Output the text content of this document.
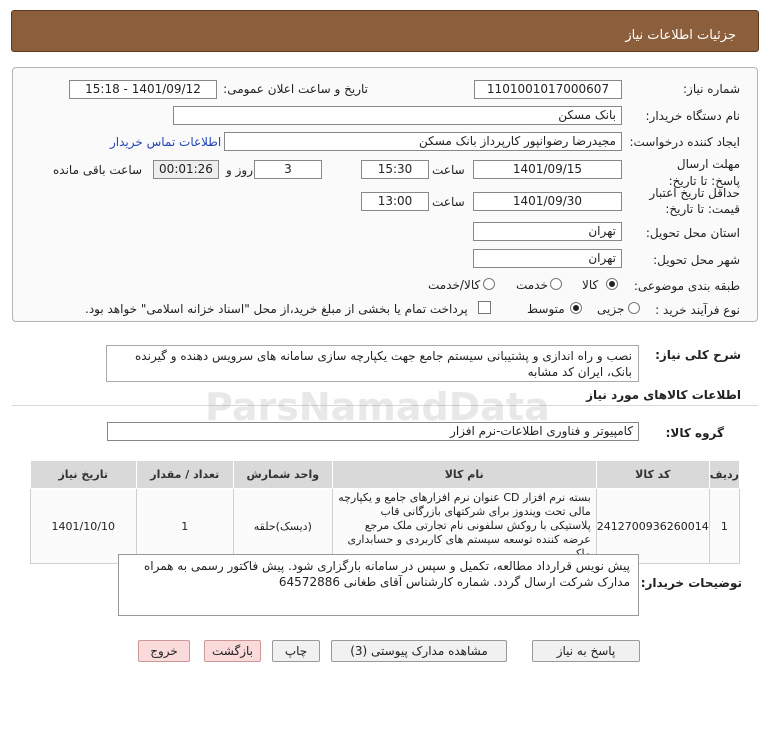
جزئیات اطلاعات نیاز
شماره نیاز:
1101001017000607
تاریخ و ساعت اعلان عمومی:
1401/09/12 - 15:18
نام دستگاه خریدار:
بانک مسکن
ایجاد کننده درخواست:
مجیدرضا رضوانپور کارپرداز بانک مسکن
اطلاعات تماس خریدار
مهلت ارسال پاسخ: تا تاریخ:
1401/09/15
ساعت
15:30
3
روز و
00:01:26
ساعت باقی مانده
حداقل تاریخ اعتبار قیمت: تا تاریخ:
1401/09/30
ساعت
13:00
استان محل تحویل:
تهران
شهر محل تحویل:
تهران
طبقه بندی موضوعی:
کالا
خدمت
کالا/خدمت
نوع فرآیند خرید :
جزیی
متوسط
پرداخت تمام یا بخشی از مبلغ خرید،از محل "اسناد خزانه اسلامی" خواهد بود.
شرح کلی نیاز:
نصب و راه اندازی و پشتیبانی سیستم جامع جهت یکپارچه سازی سامانه های سرویس دهنده و گیرنده بانک، ایران کد مشابه
اطلاعات کالاهای مورد نیاز
گروه کالا:
کامپیوتر و فناوری اطلاعات-نرم افزار
ردیف	کد کالا	نام کالا	واحد شمارش	تعداد / مقدار	تاریخ نیاز
1	2412700936260014	بسته نرم افزار CD عنوان نرم افزارهای جامع و یکپارچه مالی تحت ویندوز برای شرکتهای بازرگانی قاب پلاستیکی با روکش سلفونی نام تجارتی ملک مرجع عرضه کننده توسعه سیستم های کاربردی و حسابداری	(دیسک)حلقه	1	1401/10/10
توضیحات خریدار:
پیش نویس قرارداد مطالعه، تکمیل و سپس در سامانه بارگزاری شود. پیش فاکتور رسمی به همراه مدارک شرکت ارسال گردد. شماره کارشناس آقای طغانی 64572886
پاسخ به نیاز
مشاهده مدارک پیوستی (3)
چاپ
بازگشت
خروج
ParsNamadData
